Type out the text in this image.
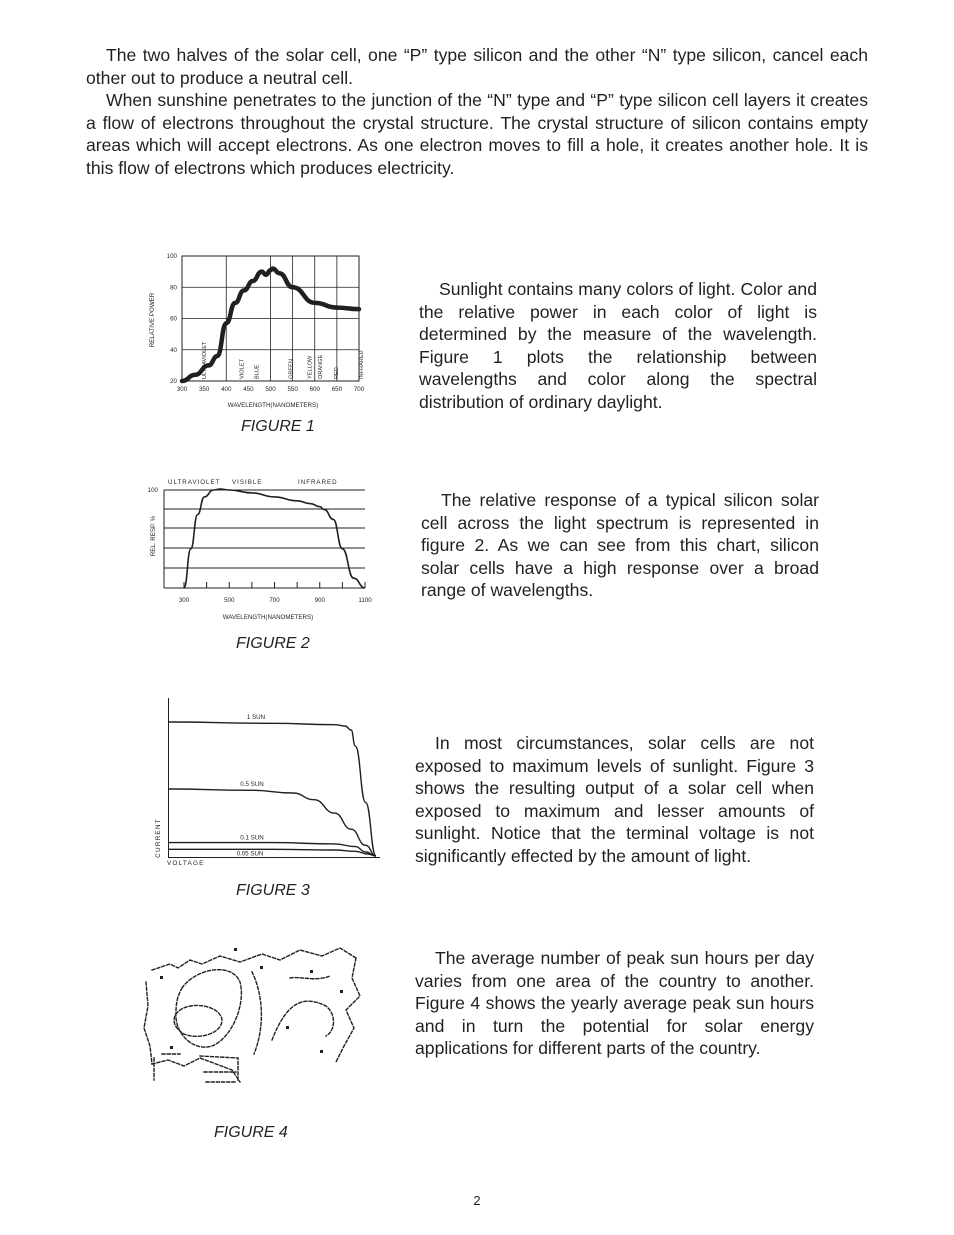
The two halves of the solar cell, one “P” type silicon and the other “N” type silicon, cancel each other out to produce a neutral cell.

When sunshine penetrates to the junction of the “N” type and “P” type silicon cell layers it creates a flow of electrons throughout the crystal structure. The crystal structure of silicon contains empty areas which will accept electrons. As one electron moves to fill a hole, it creates another hole. It is this flow of electrons which produces electricity.

20
40
60
80
100
300 350 400 450 500 550 600 650 700
ULTRAVIOLET	VIOLET BLUE	GREEN YELLOW ORANGE RED	INFRARED
RELATIVE POWER
WAVELENGTH(NANOMETERS)
FIGURE 1

Sunlight contains many colors of light. Color and the relative power in each color of light is determined by the measure of the wavelength. Figure 1 plots the relationship between wavelengths and color along the spectral distribution of ordinary daylight.

300	500	700	900	1100
100
ULTRAVIOLET VISIBLE	INFRARED
REL. RESP. %
WAVELENGTH(NANOMETERS)
FIGURE 2

The relative response of a typical silicon solar cell across the light spectrum is represented in figure 2. As we can see from this chart, silicon solar cells have a high response over a broad range of wavelengths.

1 SUN
0.5 SUN
0.1 SUN
0.05 SUN
CURRENT
VOLTAGE
FIGURE 3

In most circumstances, solar cells are not exposed to maximum levels of sunlight. Figure 3 shows the resulting output of a solar cell when exposed to maximum and lesser amounts of sunlight. Notice that the terminal voltage is not significantly effected by the amount of light.

FIGURE 4

The average number of peak sun hours per day varies from one area of the country to another. Figure 4 shows the yearly average peak sun hours and in turn the potential for solar energy applications for different parts of the country.

2
